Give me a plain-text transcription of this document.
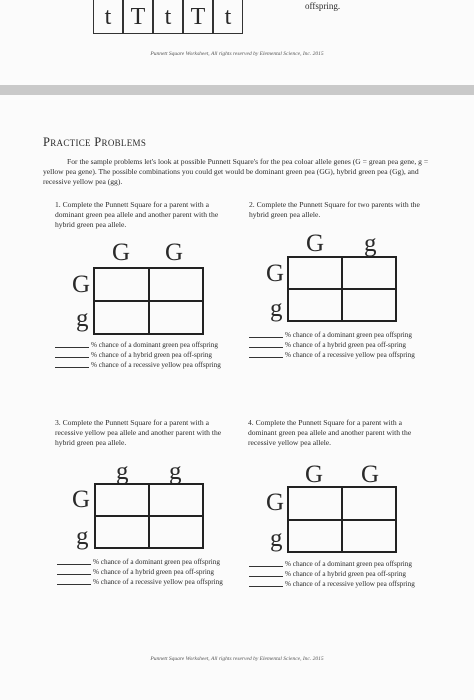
t T t T t	offspring.
Punnett Square Worksheet, All rights reserved by Elemental Science, Inc. 2015
Practice Problems
For the sample problems let's look at possible Punnett Square's for the pea coloar allele genes (G = grean pea gene, g = yellow pea gene). The possible combinations you could get would be dominant green pea (GG), hybrid green pea (Gg), and recessive yellow pea (gg).
1. Complete the Punnett Square for a parent with a dominant green pea allele and another parent with the hybrid green pea allele.
G G
G
g
% chance of a dominant green pea offspring
% chance of a hybrid green pea off-spring
% chance of a recessive yellow pea offspring
2. Complete the Punnett Square for two parents with the hybrid green pea allele.
G g
G
g
% chance of a dominant green pea offspring
% chance of a hybrid green pea off-spring
% chance of a recessive yellow pea offspring
3. Complete the Punnett Square for a parent with a recessive yellow pea allele and another parent with the hybrid green pea allele.
g g
G
g
% chance of a dominant green pea offspring
% chance of a hybrid green pea off-spring
% chance of a recessive yellow pea offspring
4. Complete the Punnett Square for a parent with a dominant green pea allele and another parent with the recessive yellow pea allele.
G G
G
g
% chance of a dominant green pea offspring
% chance of a hybrid green pea off-spring
% chance of a recessive yellow pea offspring
Punnett Square Worksheet, All rights reserved by Elemental Science, Inc. 2015
